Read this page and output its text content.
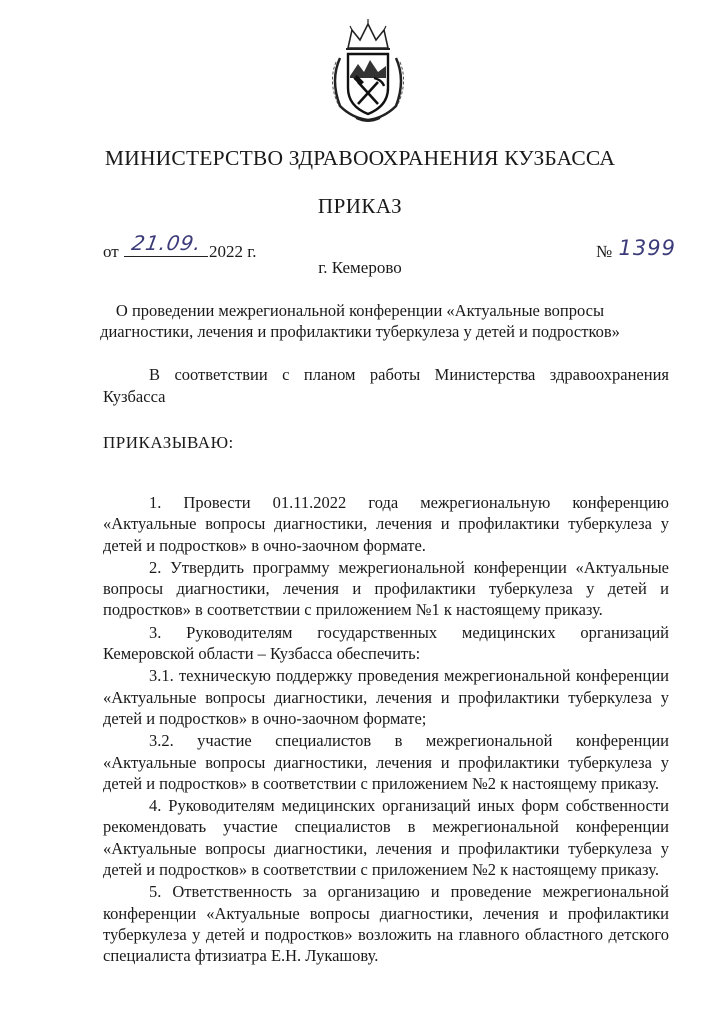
МИНИСТЕРСТВО ЗДРАВООХРАНЕНИЯ КУЗБАССА
ПРИКАЗ
от 21.09. 2022 г.	№ 1399
г. Кемерово
О проведении межрегиональной конференции «Актуальные вопросы диагностики, лечения и профилактики туберкулеза у детей и подростков»
В соответствии с планом работы Министерства здравоохранения Кузбасса
ПРИКАЗЫВАЮ:

1. Провести 01.11.2022 года межрегиональную конференцию «Актуальные вопросы диагностики, лечения и профилактики туберкулеза у детей и подростков» в очно-заочном формате.

2. Утвердить программу межрегиональной конференции «Актуальные вопросы диагностики, лечения и профилактики туберкулеза у детей и подростков» в соответствии с приложением №1 к настоящему приказу.

3. Руководителям государственных медицинских организаций Кемеровской области – Кузбасса обеспечить:

3.1. техническую поддержку проведения межрегиональной конференции «Актуальные вопросы диагностики, лечения и профилактики туберкулеза у детей и подростков» в очно-заочном формате;

3.2. участие специалистов в межрегиональной конференции «Актуальные вопросы диагностики, лечения и профилактики туберкулеза у детей и подростков» в соответствии с приложением №2 к настоящему приказу.

4. Руководителям медицинских организаций иных форм собственности рекомендовать участие специалистов в межрегиональной конференции «Актуальные вопросы диагностики, лечения и профилактики туберкулеза у детей и подростков» в соответствии с приложением №2 к настоящему приказу.

5. Ответственность за организацию и проведение межрегиональной конференции «Актуальные вопросы диагностики, лечения и профилактики туберкулеза у детей и подростков» возложить на главного областного детского специалиста фтизиатра Е.Н. Лукашову.
